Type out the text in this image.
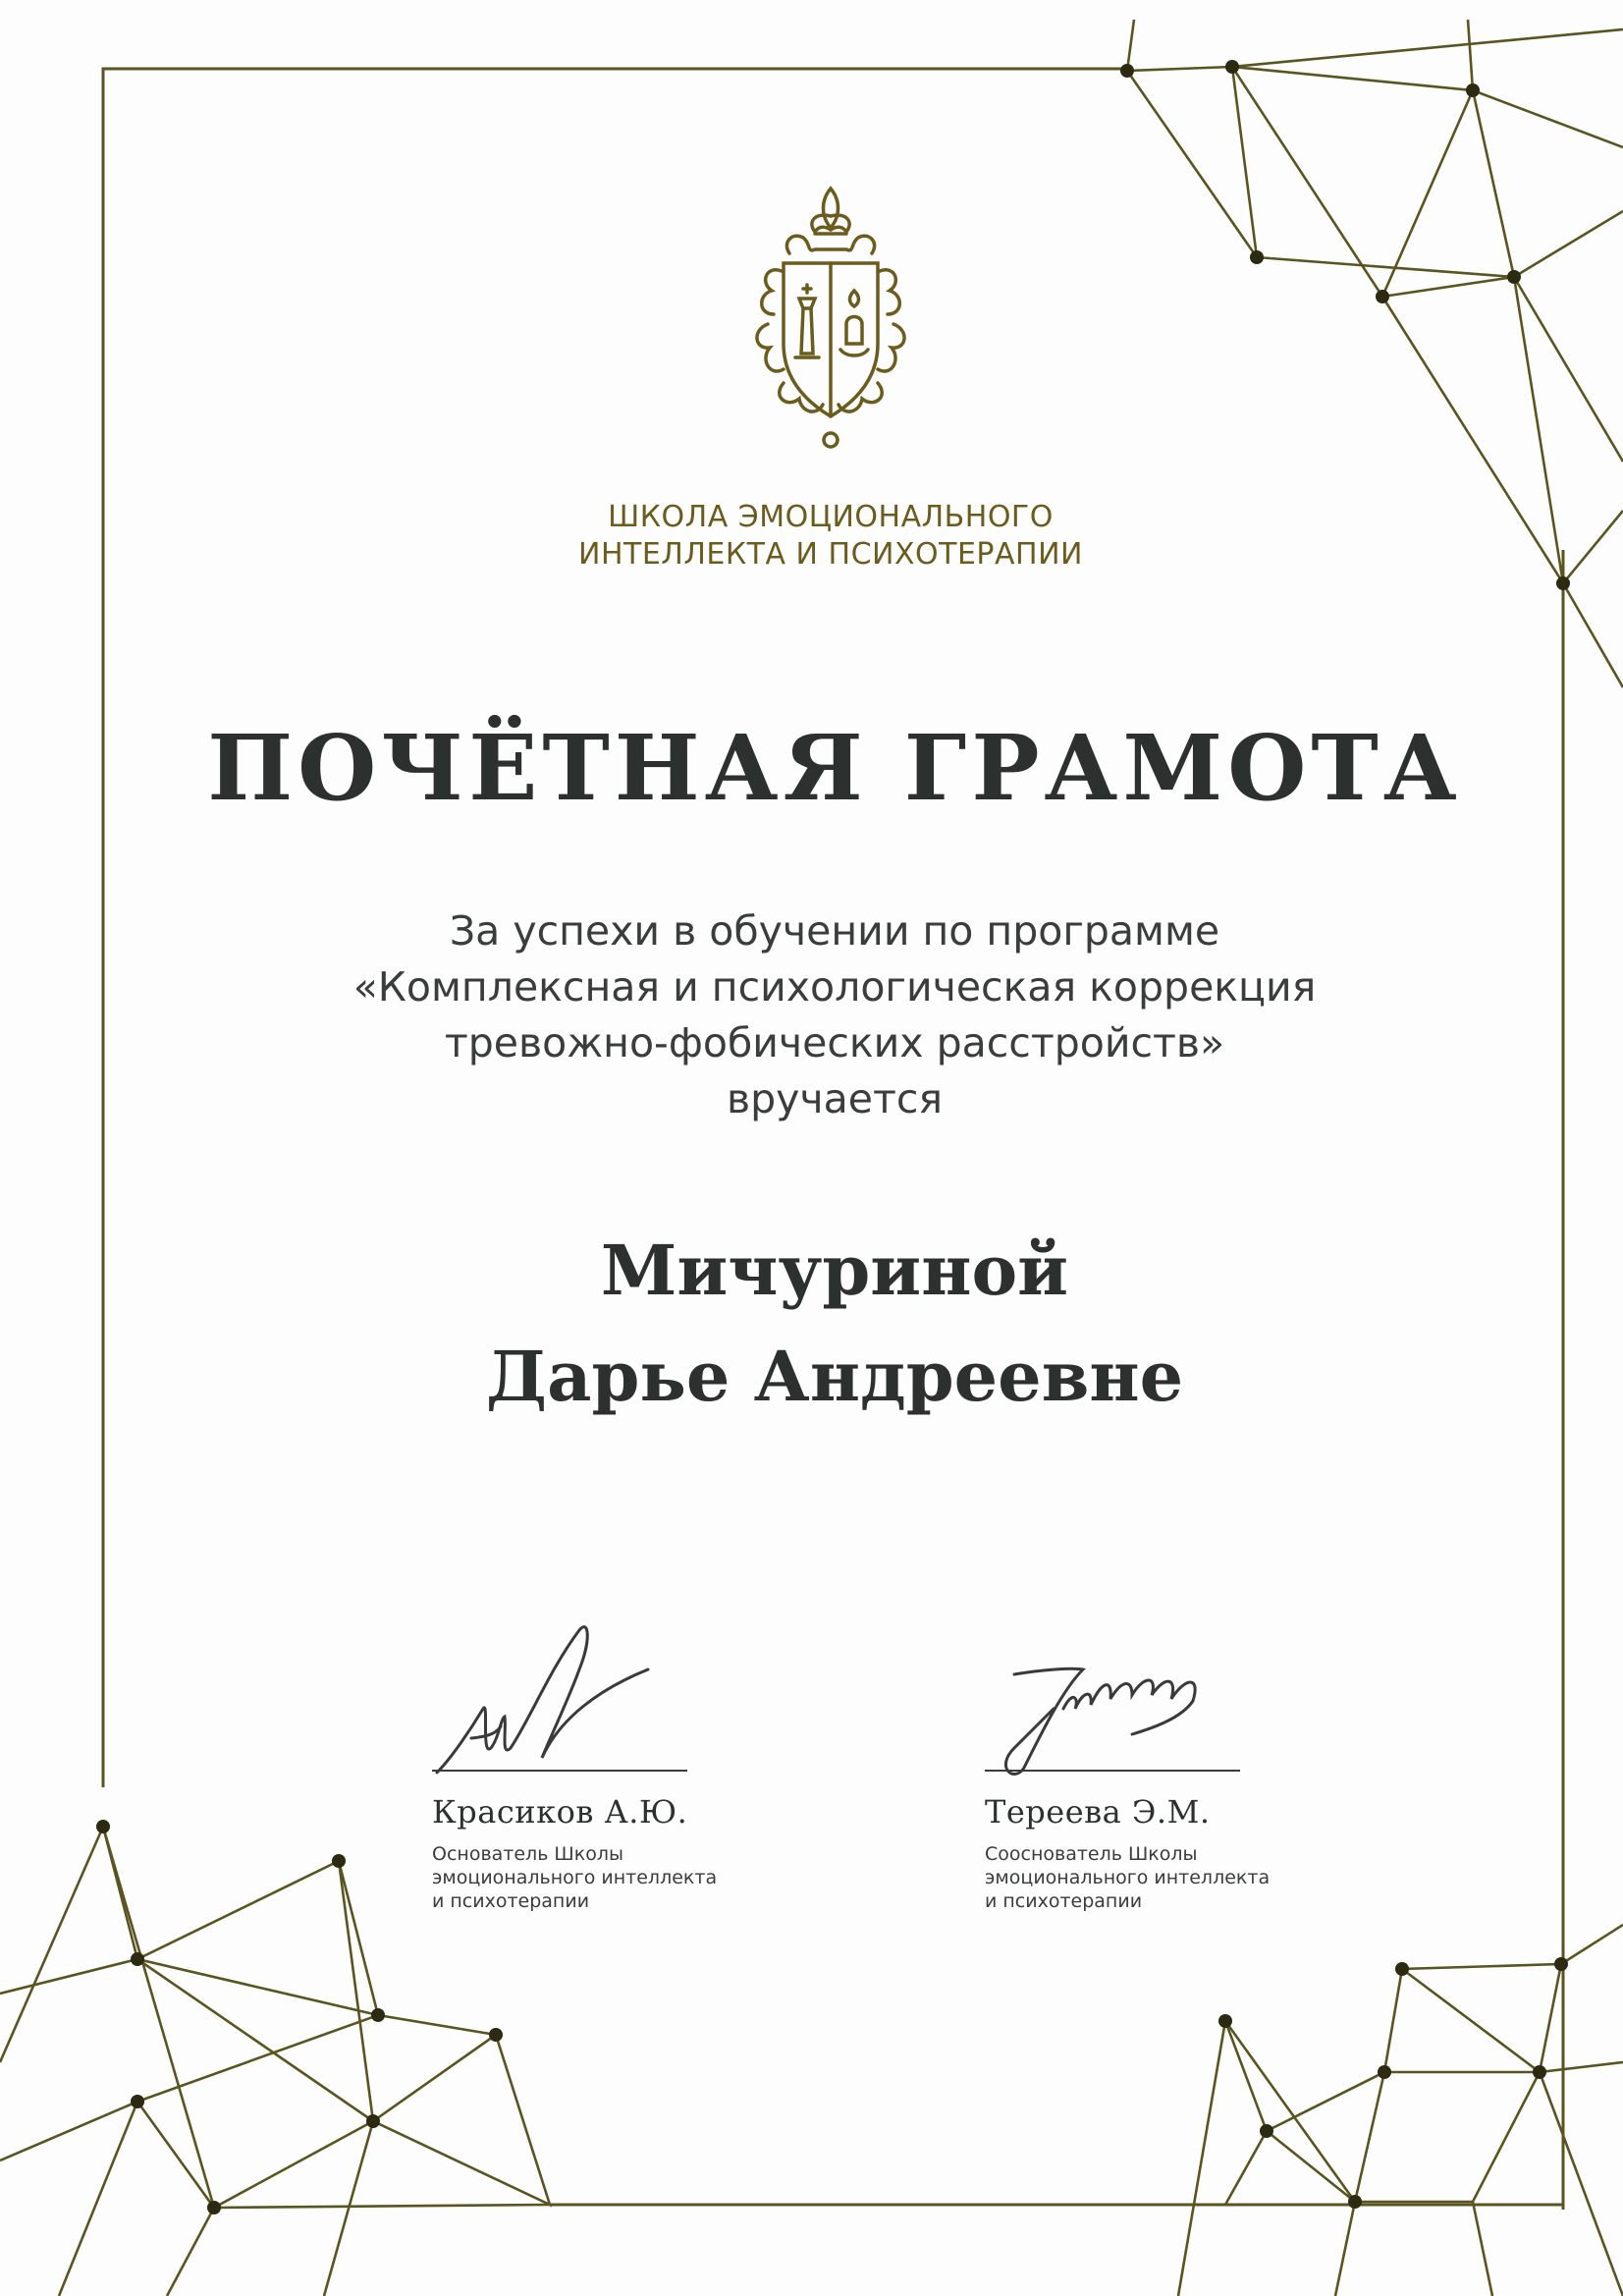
ШКОЛА ЭМОЦИОНАЛЬНОГО
ИНТЕЛЛЕКТА И ПСИХОТЕРАПИИ
ПОЧЁТНАЯ ГРАМОТА
За успехи в обучении по программе
«Комплексная и психологическая коррекция
тревожно-фобических расстройств»
вручается
Мичуриной
Дарье Андреевне
Красиков А.Ю.
Основатель Школы
эмоционального интеллекта
и психотерапии
Тереева Э.М.
Сооснователь Школы
эмоционального интеллекта
и психотерапии
